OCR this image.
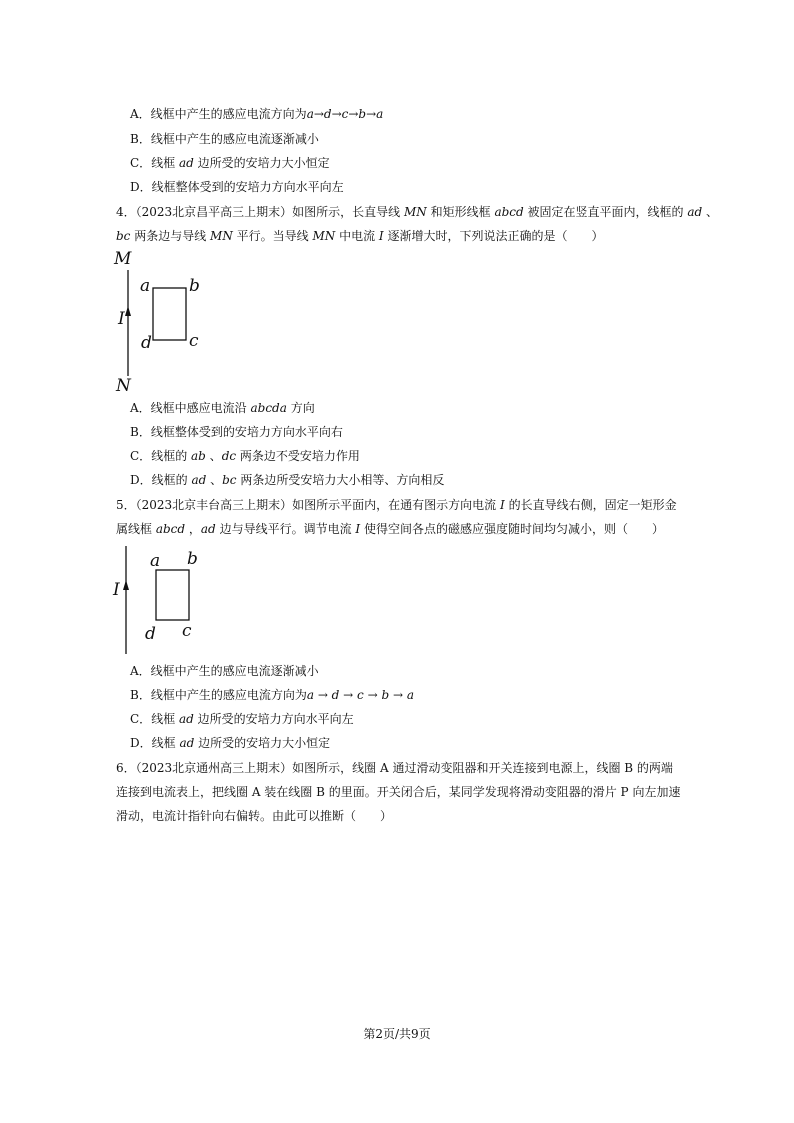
A．线框中产生的感应电流方向为a→d→c→b→a
B．线框中产生的感应电流逐渐减小
C．线框 ad 边所受的安培力大小恒定
D．线框整体受到的安培力方向水平向左
4．（2023北京昌平高三上期末）如图所示，长直导线 MN 和矩形线框 abcd 被固定在竖直平面内，线框的 ad 、
bc 两条边与导线 MN 平行。当导线 MN 中电流 I 逐渐增大时，下列说法正确的是（　　）
M
N
I
a b
d c
A．线框中感应电流沿 abcda 方向
B．线框整体受到的安培力方向水平向右
C．线框的 ab 、dc 两条边不受安培力作用
D．线框的 ad 、bc 两条边所受安培力大小相等、方向相反
5．（2023北京丰台高三上期末）如图所示平面内，在通有图示方向电流 I 的长直导线右侧，固定一矩形金
属线框 abcd ，ad 边与导线平行。调节电流 I 使得空间各点的磁感应强度随时间均匀减小，则（　　）
I
a b
d c
A．线框中产生的感应电流逐渐减小
B．线框中产生的感应电流方向为a → d → c → b → a
C．线框 ad 边所受的安培力方向水平向左
D．线框 ad 边所受的安培力大小恒定
6．（2023北京通州高三上期末）如图所示，线圈 A 通过滑动变阻器和开关连接到电源上，线圈 B 的两端
连接到电流表上，把线圈 A 装在线圈 B 的里面。开关闭合后，某同学发现将滑动变阻器的滑片 P 向左加速
滑动，电流计指针向右偏转。由此可以推断（　　）
第2页/共9页
